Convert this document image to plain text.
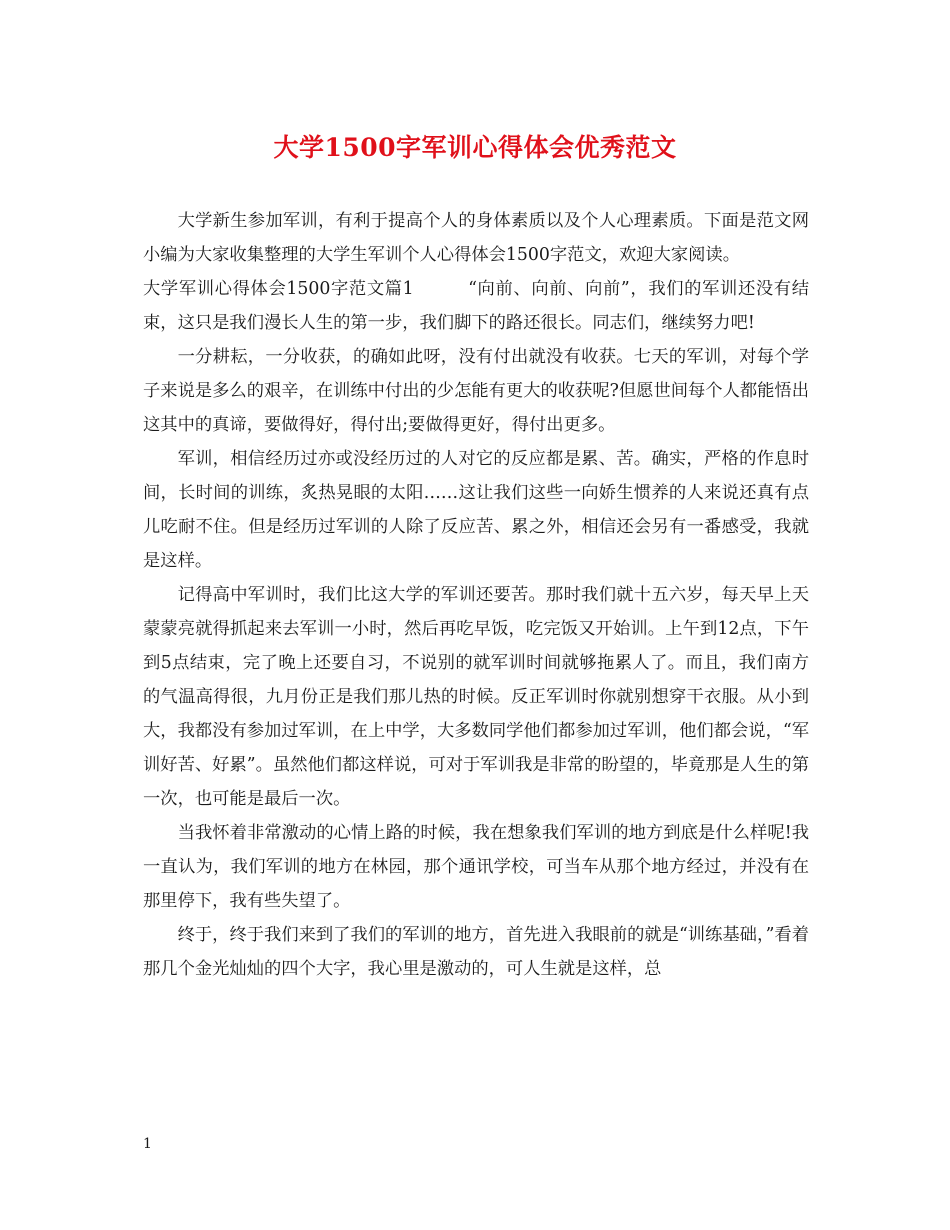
大学1500字军训心得体会优秀范文

大学新生参加军训，有利于提高个人的身体素质以及个人心理素质。下面是范文网小编为大家收集整理的大学生军训个人心得体会1500字范文，欢迎大家阅读。

大学军训心得体会1500字范文篇1　　　“向前、向前、向前”，我们的军训还没有结束，这只是我们漫长人生的第一步，我们脚下的路还很长。同志们，继续努力吧!

一分耕耘，一分收获，的确如此呀，没有付出就没有收获。七天的军训，对每个学子来说是多么的艰辛，在训练中付出的少怎能有更大的收获呢?但愿世间每个人都能悟出这其中的真谛，要做得好，得付出;要做得更好，得付出更多。

军训，相信经历过亦或没经历过的人对它的反应都是累、苦。确实，严格的作息时间，长时间的训练，炙热晃眼的太阳……这让我们这些一向娇生惯养的人来说还真有点儿吃耐不住。但是经历过军训的人除了反应苦、累之外，相信还会另有一番感受，我就是这样。

记得高中军训时，我们比这大学的军训还要苦。那时我们就十五六岁，每天早上天蒙蒙亮就得抓起来去军训一小时，然后再吃早饭，吃完饭又开始训。上午到12点，下午到5点结束，完了晚上还要自习，不说别的就军训时间就够拖累人了。而且，我们南方的气温高得很，九月份正是我们那儿热的时候。反正军训时你就别想穿干衣服。从小到大，我都没有参加过军训，在上中学，大多数同学他们都参加过军训，他们都会说，“军训好苦、好累”。虽然他们都这样说，可对于军训我是非常的盼望的，毕竟那是人生的第一次，也可能是最后一次。

当我怀着非常激动的心情上路的时候，我在想象我们军训的地方到底是什么样呢!我一直认为，我们军训的地方在林园，那个通讯学校，可当车从那个地方经过，并没有在那里停下，我有些失望了。

终于，终于我们来到了我们的军训的地方，首先进入我眼前的就是“训练基础，”看着那几个金光灿灿的四个大字，我心里是激动的，可人生就是这样，总

1
